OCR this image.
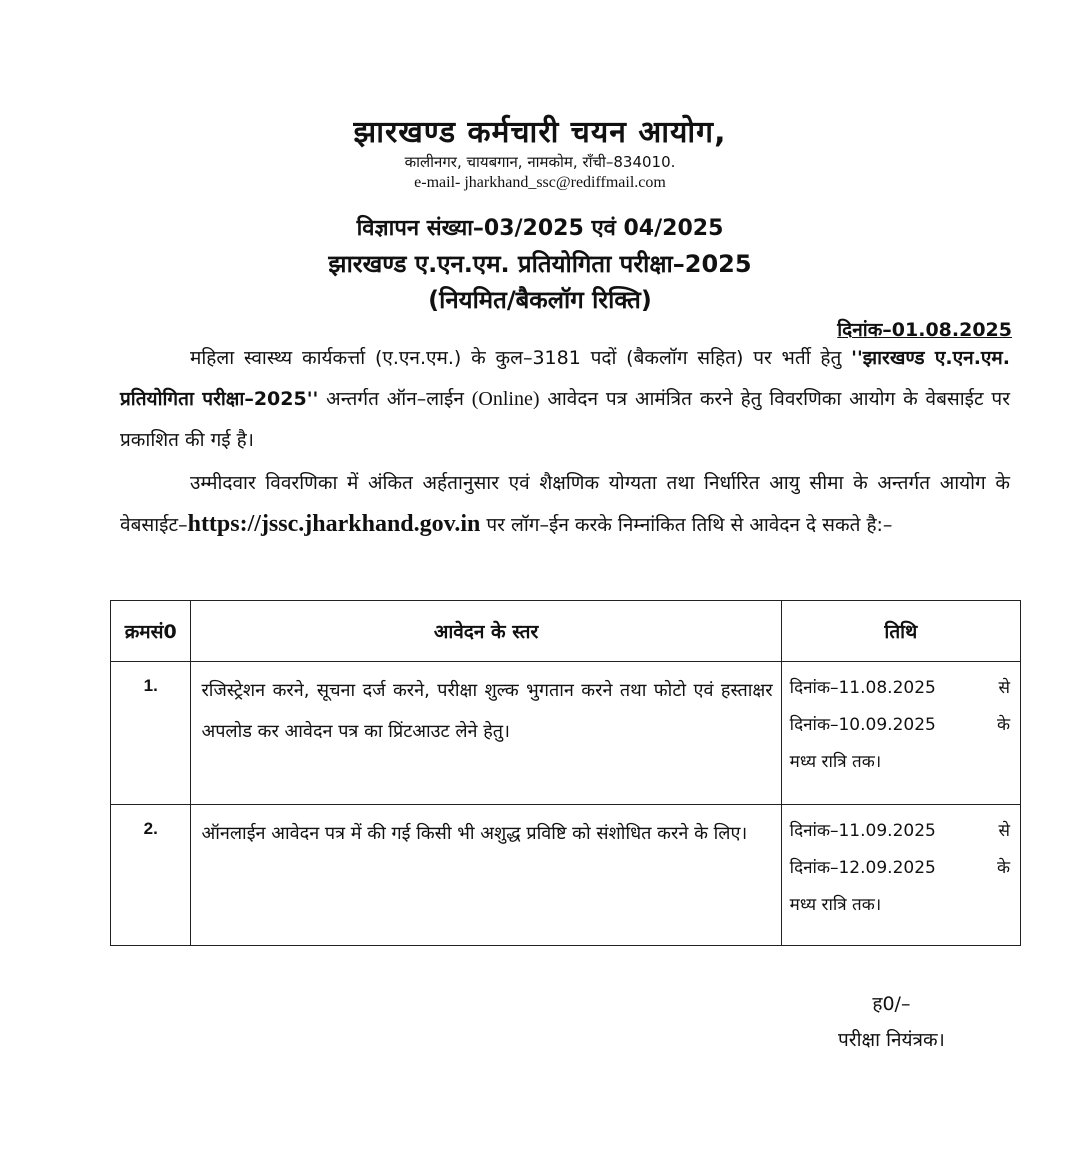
झारखण्ड कर्मचारी चयन आयोग,
कालीनगर, चायबगान, नामकोम, राँची–834010.
e-mail- jharkhand_ssc@rediffmail.com
विज्ञापन संख्या–03/2025 एवं 04/2025
झारखण्ड ए.एन.एम. प्रतियोगिता परीक्षा–2025
(नियमित/बैकलॉग रिक्ति)
दिनांक–01.08.2025
महिला स्वास्थ्य कार्यकर्त्ता (ए.एन.एम.) के कुल–3181 पदों (बैकलॉग सहित) पर भर्ती हेतु ''झारखण्ड ए.एन.एम. प्रतियोगिता परीक्षा–2025'' अन्तर्गत ऑन–लाईन (Online) आवेदन पत्र आमंत्रित करने हेतु विवरणिका आयोग के वेबसाईट पर प्रकाशित की गई है।
उम्मीदवार विवरणिका में अंकित अर्हतानुसार एवं शैक्षणिक योग्यता तथा निर्धारित आयु सीमा के अन्तर्गत आयोग के वेबसाईट–https://jssc.jharkhand.gov.in पर लॉग–ईन करके निम्नांकित तिथि से आवेदन दे सकते है:–
क्रमसं0	आवेदन के स्तर	तिथि
1.	रजिस्ट्रेशन करने, सूचना दर्ज करने, परीक्षा शुल्क भुगतान करने तथा फोटो एवं हस्ताक्षर अपलोड कर आवेदन पत्र का प्रिंटआउट लेने हेतु।	दिनांक–11.08.2025 से
दिनांक–10.09.2025 के
मध्य रात्रि तक।

2.	ऑनलाईन आवेदन पत्र में की गई किसी भी अशुद्ध प्रविष्टि को संशोधित करने के लिए।	दिनांक–11.09.2025 से
दिनांक–12.09.2025 के
मध्य रात्रि तक।
ह0/–
परीक्षा नियंत्रक।
